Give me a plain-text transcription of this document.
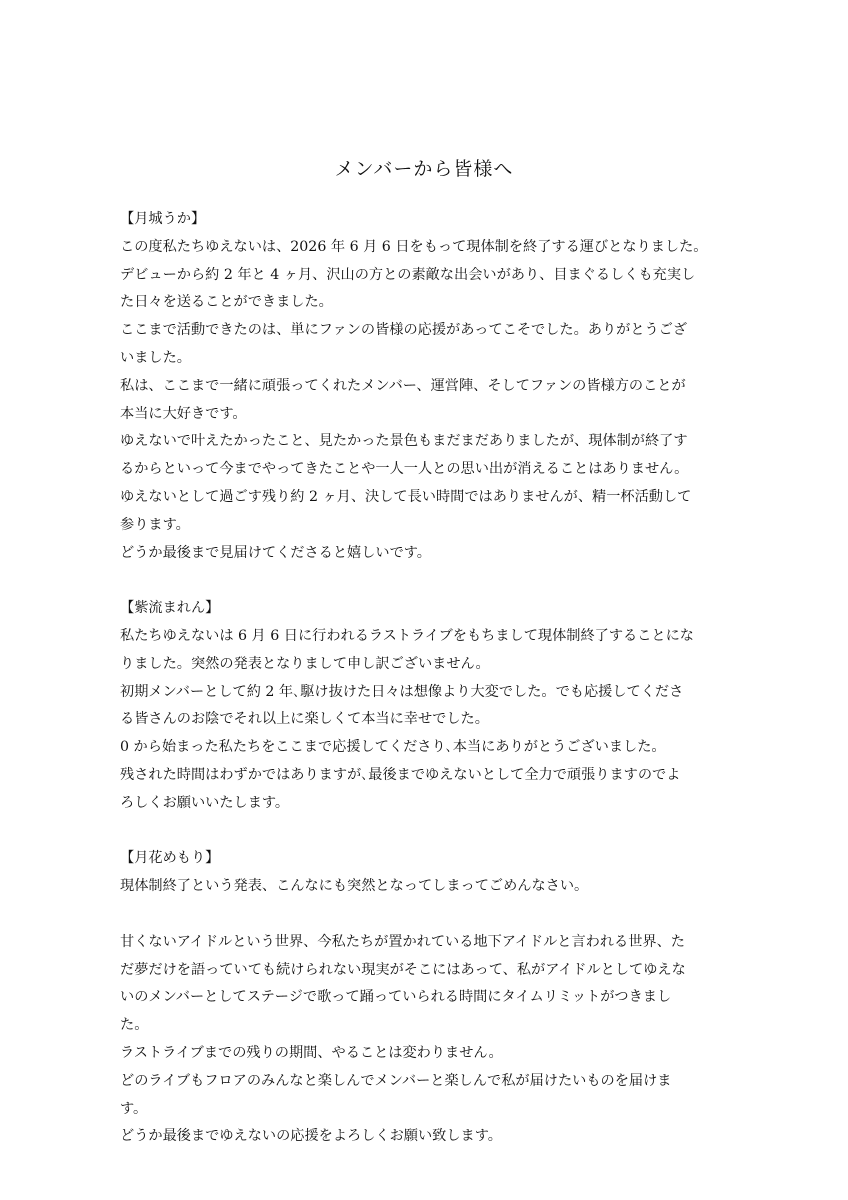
メンバーから皆様へ
【月城うか】
この度私たちゆえないは、2026 年 6 月 6 日をもって現体制を終了する運びとなりました。
デビューから約 2 年と 4 ヶ月、沢山の方との素敵な出会いがあり、目まぐるしくも充実し
た日々を送ることができました。
ここまで活動できたのは、単にファンの皆様の応援があってこそでした。ありがとうござ
いました。
私は、ここまで一緒に頑張ってくれたメンバー、運営陣、そしてファンの皆様方のことが
本当に大好きです。
ゆえないで叶えたかったこと、見たかった景色もまだまだありましたが、現体制が終了す
るからといって今までやってきたことや一人一人との思い出が消えることはありません。
ゆえないとして過ごす残り約 2 ヶ月、決して長い時間ではありませんが、精一杯活動して
参ります。
どうか最後まで見届けてくださると嬉しいです。
【紫流まれん】
私たちゆえないは 6 月 6 日に行われるラストライブをもちまして現体制終了することにな
りました。突然の発表となりまして申し訳ございません。
初期メンバーとして約 2 年､駆け抜けた日々は想像より大変でした。でも応援してくださ
る皆さんのお陰でそれ以上に楽しくて本当に幸せでした。
0 から始まった私たちをここまで応援してくださり､本当にありがとうございました。
残された時間はわずかではありますが､最後までゆえないとして全力で頑張りますのでよ
ろしくお願いいたします。
【月花めもり】
現体制終了という発表、こんなにも突然となってしまってごめんなさい。
甘くないアイドルという世界、今私たちが置かれている地下アイドルと言われる世界、た
だ夢だけを語っていても続けられない現実がそこにはあって、私がアイドルとしてゆえな
いのメンバーとしてステージで歌って踊っていられる時間にタイムリミットがつきまし
た。
ラストライブまでの残りの期間、やることは変わりません。
どのライブもフロアのみんなと楽しんでメンバーと楽しんで私が届けたいものを届けま
す。
どうか最後までゆえないの応援をよろしくお願い致します。
